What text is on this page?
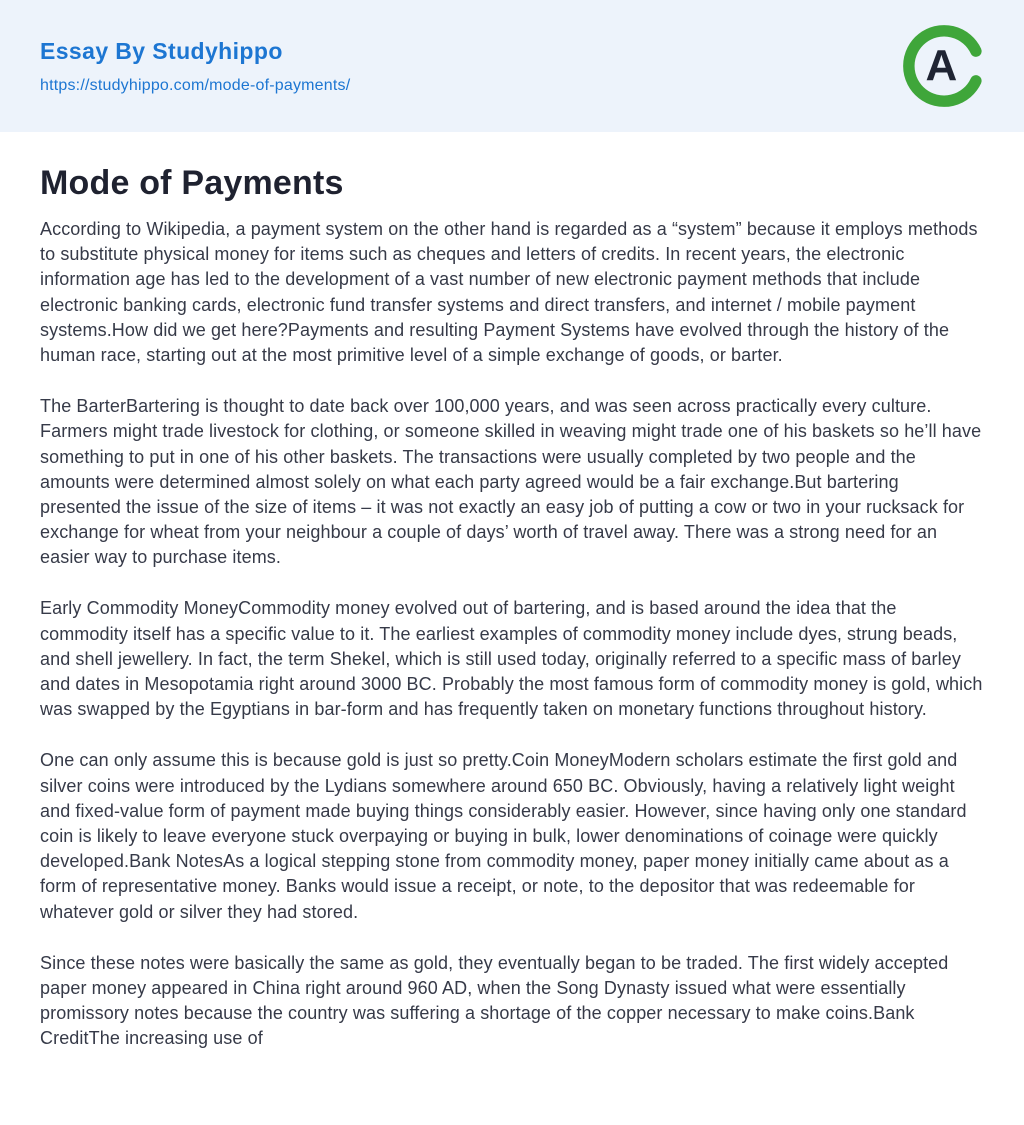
Essay By Studyhippo
https://studyhippo.com/mode-of-payments/	A
Mode of Payments

According to Wikipedia, a payment system on the other hand is regarded as a “system” because it employs methods to substitute physical money for items such as cheques and letters of credits. In recent years, the electronic information age has led to the development of a vast number of new electronic payment methods that include electronic banking cards, electronic fund transfer systems and direct transfers, and internet / mobile payment systems.How did we get here?Payments and resulting Payment Systems have evolved through the history of the human race, starting out at the most primitive level of a simple exchange of goods, or barter.

The BarterBartering is thought to date back over 100,000 years, and was seen across practically every culture. Farmers might trade livestock for clothing, or someone skilled in weaving might trade one of his baskets so he’ll have something to put in one of his other baskets. The transactions were usually completed by two people and the amounts were determined almost solely on what each party agreed would be a fair exchange.But bartering presented the issue of the size of items – it was not exactly an easy job of putting a cow or two in your rucksack for exchange for wheat from your neighbour a couple of days’ worth of travel away. There was a strong need for an easier way to purchase items.

Early Commodity MoneyCommodity money evolved out of bartering, and is based around the idea that the commodity itself has a specific value to it. The earliest examples of commodity money include dyes, strung beads, and shell jewellery. In fact, the term Shekel, which is still used today, originally referred to a specific mass of barley and dates in Mesopotamia right around 3000 BC. Probably the most famous form of commodity money is gold, which was swapped by the Egyptians in bar-form and has frequently taken on monetary functions throughout history.

One can only assume this is because gold is just so pretty.Coin MoneyModern scholars estimate the first gold and silver coins were introduced by the Lydians somewhere around 650 BC. Obviously, having a relatively light weight and fixed-value form of payment made buying things considerably easier. However, since having only one standard coin is likely to leave everyone stuck overpaying or buying in bulk, lower denominations of coinage were quickly developed.Bank NotesAs a logical stepping stone from commodity money, paper money initially came about as a form of representative money. Banks would issue a receipt, or note, to the depositor that was redeemable for whatever gold or silver they had stored.

Since these notes were basically the same as gold, they eventually began to be traded. The first widely accepted paper money appeared in China right around 960 AD, when the Song Dynasty issued what were essentially promissory notes because the country was suffering a shortage of the copper necessary to make coins.Bank CreditThe increasing use of
